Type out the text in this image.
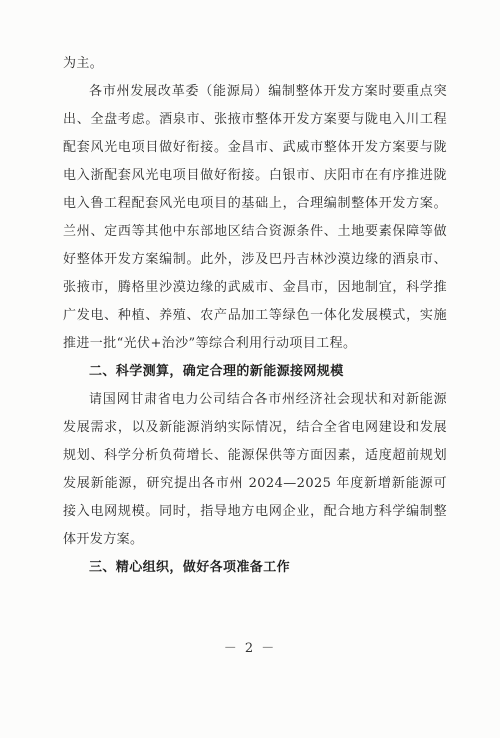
为主。

各市州发展改革委（能源局）编制整体开发方案时要重点突出、全盘考虑。酒泉市、张掖市整体开发方案要与陇电入川工程配套风光电项目做好衔接。金昌市、武威市整体开发方案要与陇电入浙配套风光电项目做好衔接。白银市、庆阳市在有序推进陇电入鲁工程配套风光电项目的基础上，合理编制整体开发方案。兰州、定西等其他中东部地区结合资源条件、土地要素保障等做好整体开发方案编制。此外，涉及巴丹吉林沙漠边缘的酒泉市、张掖市，腾格里沙漠边缘的武威市、金昌市，因地制宜，科学推广发电、种植、养殖、农产品加工等绿色一体化发展模式，实施推进一批“光伏+治沙”等综合利用行动项目工程。

二、科学测算，确定合理的新能源接网规模

请国网甘肃省电力公司结合各市州经济社会现状和对新能源发展需求，以及新能源消纳实际情况，结合全省电网建设和发展规划、科学分析负荷增长、能源保供等方面因素，适度超前规划发展新能源，研究提出各市州 2024—2025 年度新增新能源可接入电网规模。同时，指导地方电网企业，配合地方科学编制整体开发方案。

三、精心组织，做好各项准备工作

－ 2 －
